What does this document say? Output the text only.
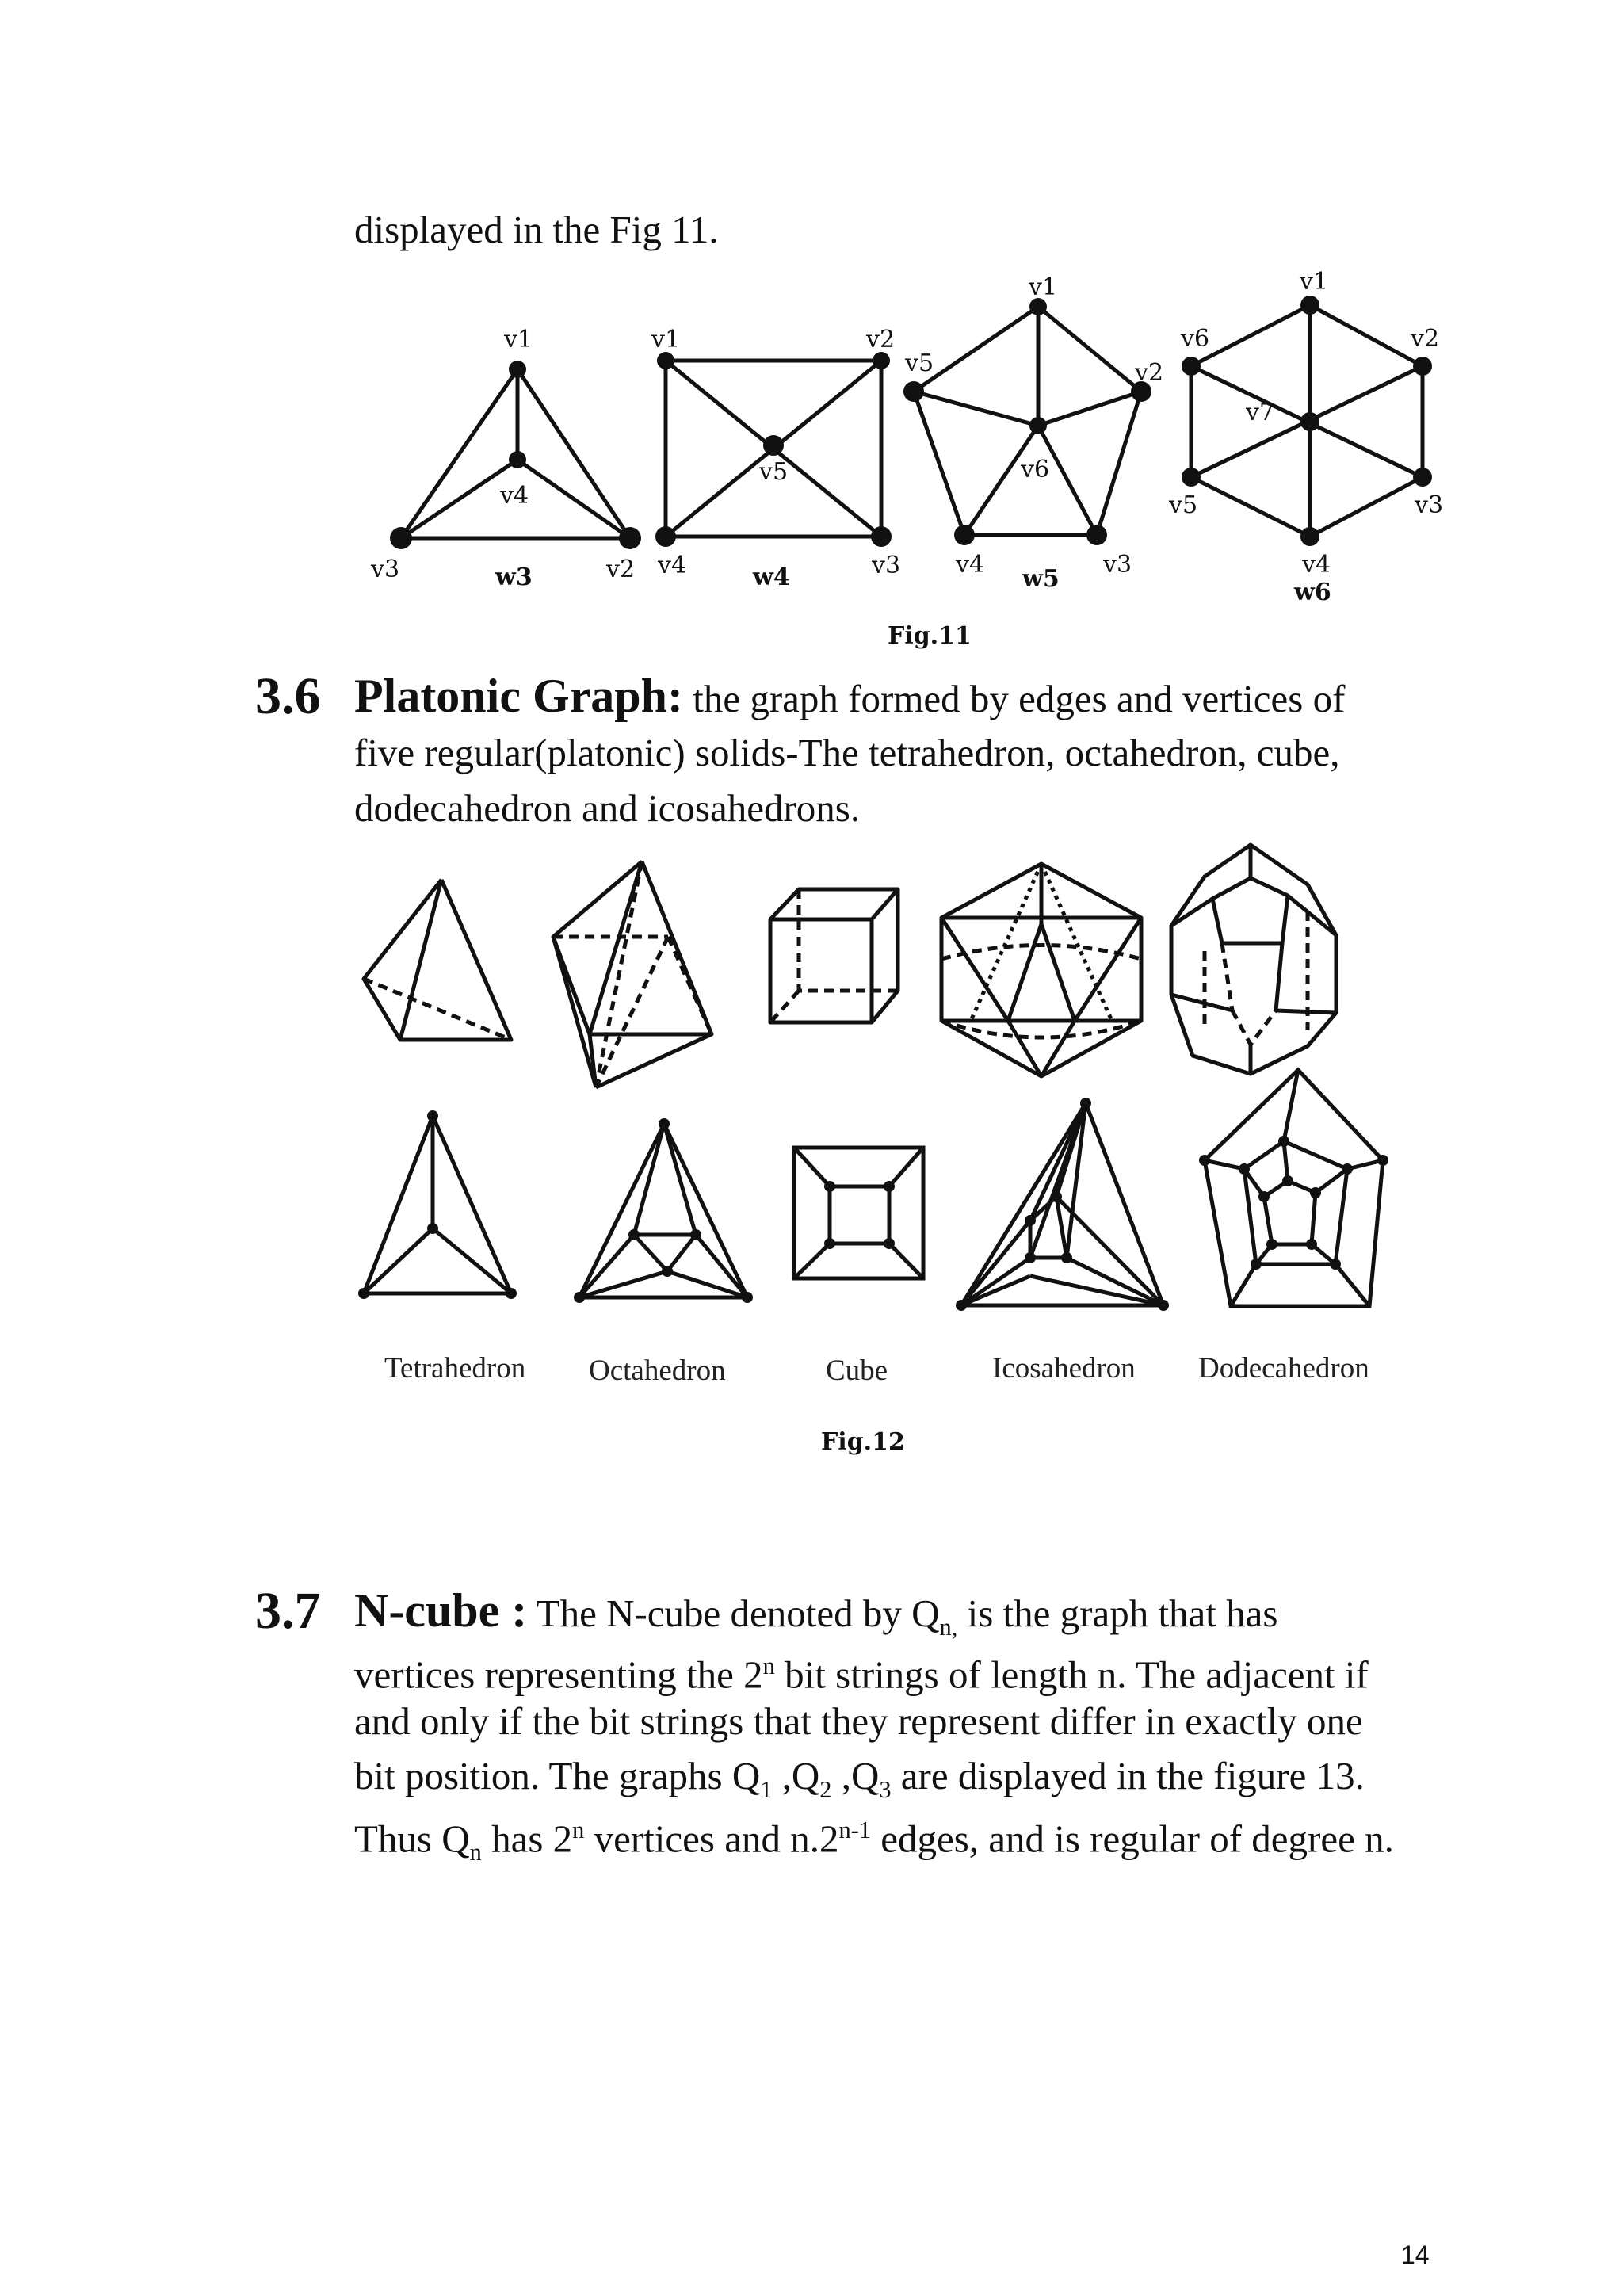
displayed in the Fig 11.

v1
v4
v3	v2
w3
v1	v2
v5
v4	v3
w4
v1
v5	v2
v6
v4	v3
w5
v1
v6	v2
v7
v5	v3
v4
w6
Fig.11
3.6 Platonic Graph: the graph formed by edges and vertices of

five regular(platonic) solids-The tetrahedron, octahedron, cube,

dodecahedron and icosahedrons.

Tetrahedron Octahedron	Cube	Icosahedron Dodecahedron
Fig.12
3.7 N-cube : The N-cube denoted by $Q_{n,}$ is the graph that has

vertices representing the 2$^n$ bit strings of length n. The adjacent if

and only if the bit strings that they represent differ in exactly one

bit position. The graphs $Q_1$ $,Q_2$ $,Q_3$ are displayed in the figure 13.

Thus $Q_n$ has 2$^n$ vertices and n.2$^{n-1}$ edges, and is regular of degree n.

14
